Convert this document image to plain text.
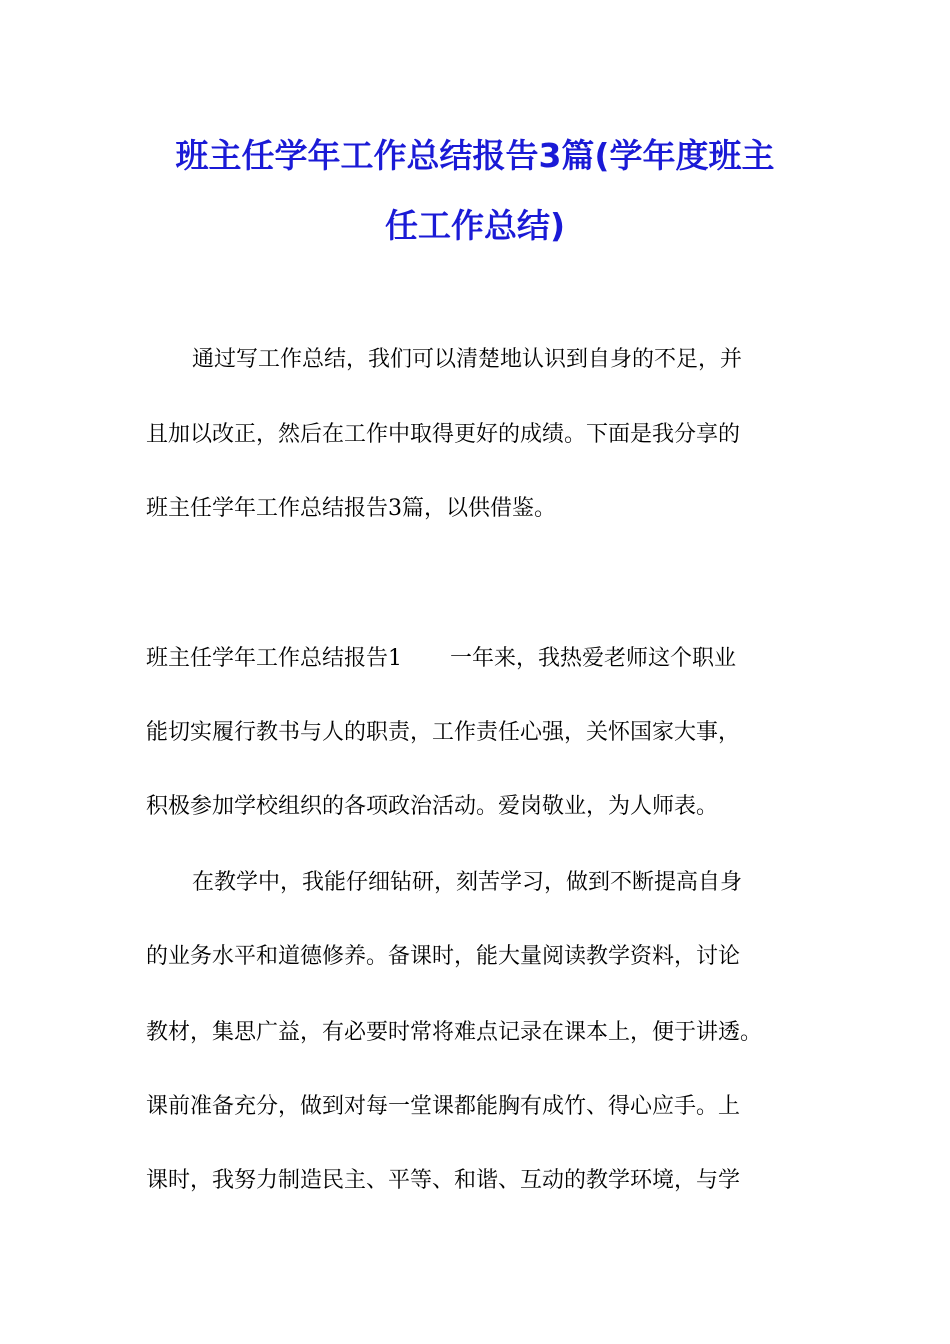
班主任学年工作总结报告3篇(学年度班主
任工作总结)
通过写工作总结，我们可以清楚地认识到自身的不足，并
且加以改正，然后在工作中取得更好的成绩。下面是我分享的
班主任学年工作总结报告3篇，以供借鉴。
班主任学年工作总结报告1 一年来，我热爱老师这个职业
能切实履行教书与人的职责，工作责任心强，关怀国家大事，
积极参加学校组织的各项政治活动。爱岗敬业，为人师表。
在教学中，我能仔细钻研，刻苦学习，做到不断提高自身
的业务水平和道德修养。备课时，能大量阅读教学资料，讨论
教材，集思广益，有必要时常将难点记录在课本上，便于讲透。
课前准备充分，做到对每一堂课都能胸有成竹、得心应手。上
课时，我努力制造民主、平等、和谐、互动的教学环境，与学
